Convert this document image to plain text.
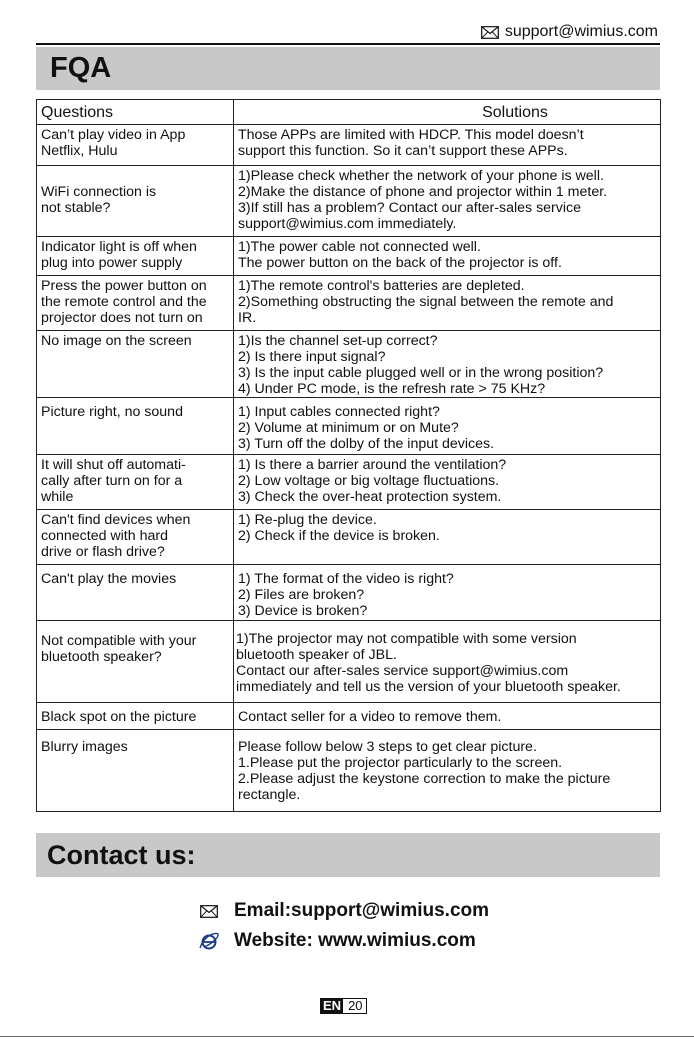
support@wimius.com
FQA
Questions	Solutions
Can’t play video in App
Netflix, Hulu	Those APPs are limited with HDCP. This model doesn’t
support this function. So it can’t support these APPs.

WiFi connection is
not stable?	1)Please check whether the network of your phone is well.
2)Make the distance of phone and projector within 1 meter.
3)If still has a problem? Contact our after-sales service
support@wimius.com immediately.
Indicator light is off when
plug into power supply	1)The power cable not connected well.
The power button on the back of the projector is off.
Press the power button on
the remote control and the
projector does not turn on	1)The remote control's batteries are depleted.
2)Something obstructing the signal between the remote and
IR.
No image on the screen	1)Is the channel set-up correct?
2) Is there input signal?
3) Is the input cable plugged well or in the wrong position?
4) Under PC mode, is the refresh rate > 75 KHz?
Picture right, no sound	1) Input cables connected right?
2) Volume at minimum or on Mute?
3) Turn off the dolby of the input devices.
It will shut off automati-
cally after turn on for a
while	1) Is there a barrier around the ventilation?
2) Low voltage or big voltage fluctuations.
3) Check the over-heat protection system.
Can't find devices when
connected with hard
drive or flash drive?	1) Re-plug the device.
2) Check if the device is broken.
Can't play the movies	1) The format of the video is right?
2) Files are broken?
3) Device is broken?
Not compatible with your
bluetooth speaker?	1)The projector may not compatible with some version
bluetooth speaker of JBL.
Contact our after-sales service support@wimius.com
immediately and tell us the version of your bluetooth speaker.
Black spot on the picture	Contact seller for a video to remove them.
Blurry images	Please follow below 3 steps to get clear picture.
1.Please put the projector particularly to the screen.
2.Please adjust the keystone correction to make the picture
rectangle.
Contact us:
Email:support@wimius.com
Website: www.wimius.com
EN 20
